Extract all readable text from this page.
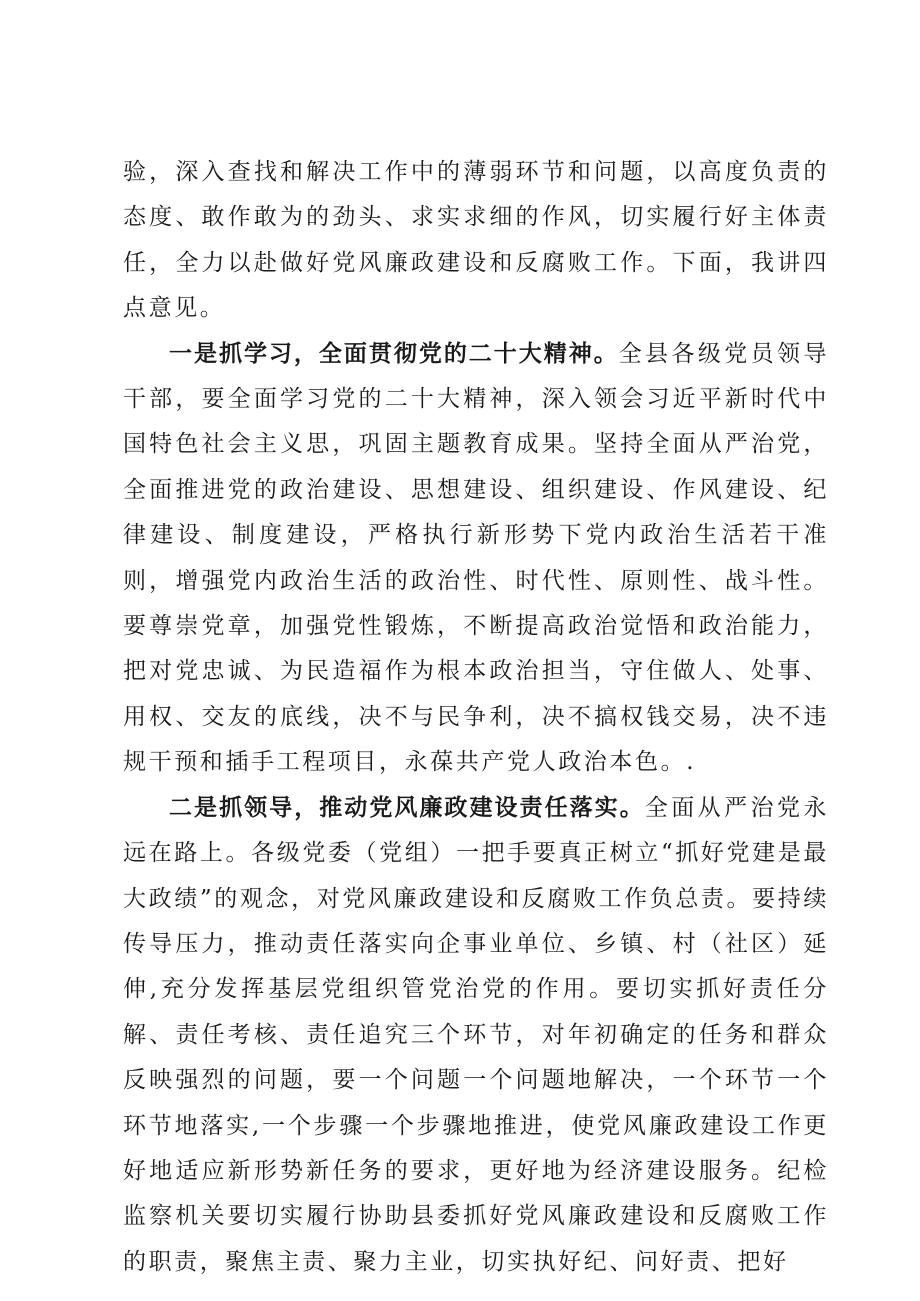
验，深入查找和解决工作中的薄弱环节和问题，以高度负责的态度、敢作敢为的劲头、求实求细的作风，切实履行好主体责任，全力以赴做好党风廉政建设和反腐败工作。下面，我讲四点意见。

一是抓学习，全面贯彻党的二十大精神。全县各级党员领导干部，要全面学习党的二十大精神，深入领会习近平新时代中国特色社会主义思，巩固主题教育成果。坚持全面从严治党，全面推进党的政治建设、思想建设、组织建设、作风建设、纪律建设、制度建设，严格执行新形势下党内政治生活若干准则，增强党内政治生活的政治性、时代性、原则性、战斗性。要尊崇党章，加强党性锻炼，不断提高政治觉悟和政治能力，把对党忠诚、为民造福作为根本政治担当，守住做人、处事、用权、交友的底线，决不与民争利，决不搞权钱交易，决不违规干预和插手工程项目，永葆共产党人政治本色。.

二是抓领导，推动党风廉政建设责任落实。全面从严治党永远在路上。各级党委（党组）一把手要真正树立“抓好党建是最大政绩”的观念，对党风廉政建设和反腐败工作负总责。要持续传导压力，推动责任落实向企事业单位、乡镇、村（社区）延伸,充分发挥基层党组织管党治党的作用。要切实抓好责任分解、责任考核、责任追究三个环节，对年初确定的任务和群众反映强烈的问题，要一个问题一个问题地解决，一个环节一个环节地落实,一个步骤一个步骤地推进，使党风廉政建设工作更好地适应新形势新任务的要求，更好地为经济建设服务。纪检监察机关要切实履行协助县委抓好党风廉政建设和反腐败工作的职责，聚焦主责、聚力主业，切实执好纪、问好责、把好
